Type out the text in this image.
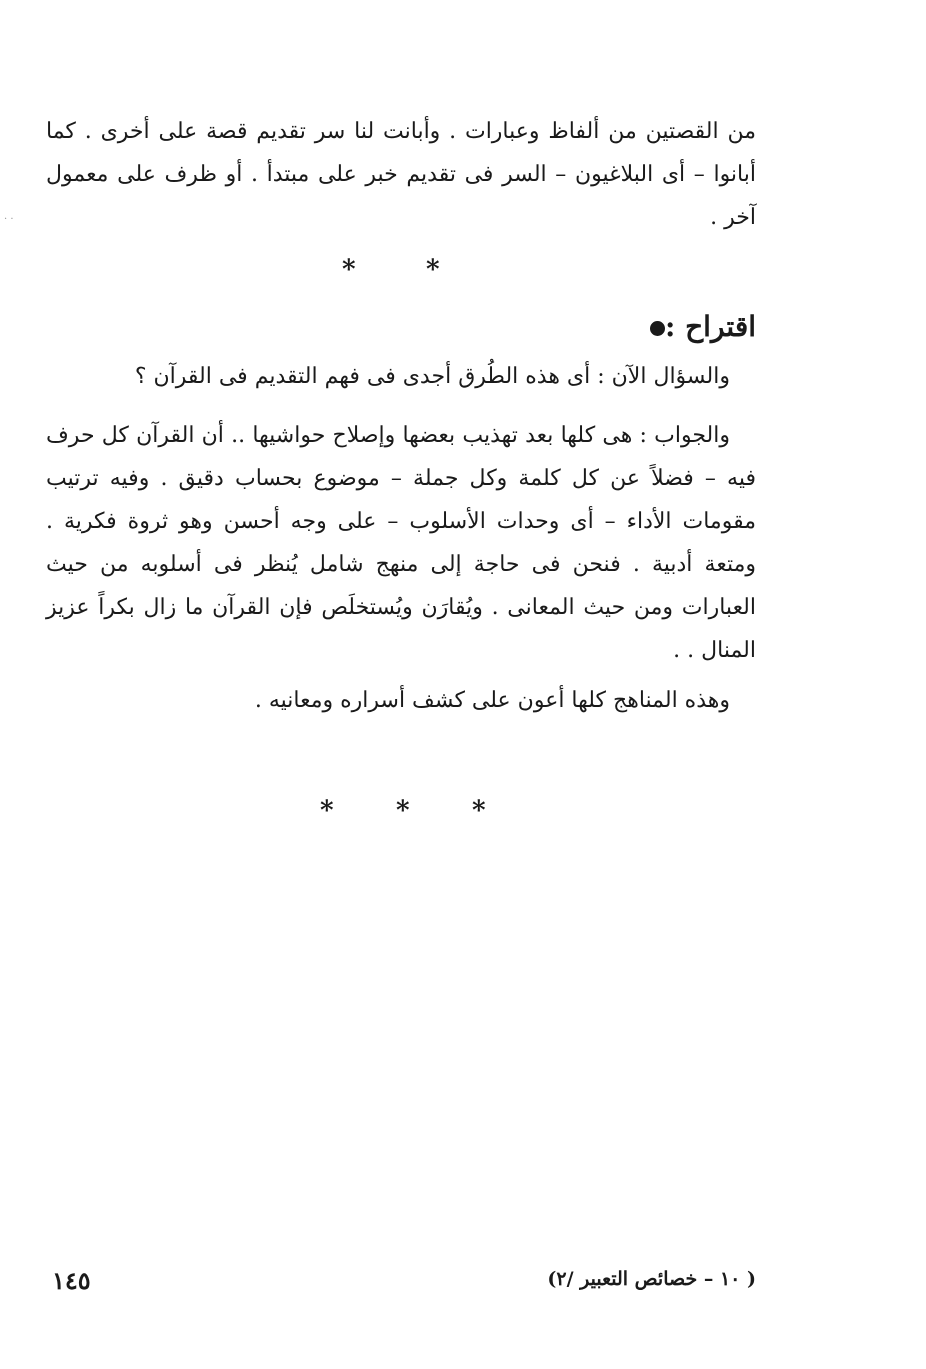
· ·

من القصتين من ألفاظ وعبارات . وأبانت لنا سر تقديم قصة على أخرى . كما أبانوا – أى البلاغيون – السر فى تقديم خبر على مبتدأ . أو ظرف على معمول آخر .

*	*
اقتراح :
والسؤال الآن : أى هذه الطُرق أجدى فى فهم التقديم فى القرآن ؟

والجواب : هى كلها بعد تهذيب بعضها وإصلاح حواشيها .. أن القرآن كل حرف فيه – فضلاً عن كل كلمة وكل جملة – موضوع بحساب دقيق . وفيه ترتيب مقومات الأداء – أى وحدات الأسلوب – على وجه أحسن وهو ثروة فكرية . ومتعة أدبية . فنحن فى حاجة إلى منهج شامل يُنظر فى أسلوبه من حيث العبارات ومن حيث المعانى . ويُقارَن ويُستخلَص فإن القرآن ما زال بكراً عزيز المنال . .

وهذه المناهج كلها أعون على كشف أسراره ومعانيه .
* * *
١٤٥	( ١٠ – خصائص التعبير /٢)
